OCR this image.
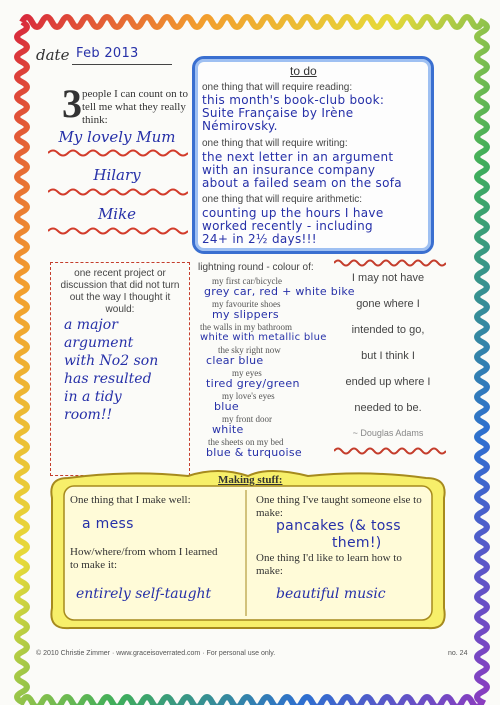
date Feb 2013
3 people I can count on to tell me what they really think:
My lovely Mum
Hilary
Mike
to do
one thing that will require reading:
this month's book-club book:
Suite Française by Irène
Némirovsky.
one thing that will require writing:
the next letter in an argument
with an insurance company
about a failed seam on the sofa
one thing that will require arithmetic:
counting up the hours I have
worked recently - including
24+ in 2½ days!!!
one recent project or discussion that did not turn out the way I thought it would:
a major
argument
with No2 son
has resulted
in a tidy
room!!
lightning round - colour of:
my first car/bicycle
grey car, red + white bike
my favourite shoes
my slippers
the walls in my bathroom
white with metallic blue
the sky right now
clear blue
my eyes
tired grey/green
my love's eyes
blue
my front door
white
the sheets on my bed
blue & turquoise
I may not have
gone where I
intended to go,
but I think I
ended up where I
needed to be.
~ Douglas Adams
Making stuff:
One thing that I make well:
a mess
How/where/from whom I learned to make it:
entirely self-taught
One thing I've taught someone else to make:
pancakes (& toss
them!)
One thing I'd like to learn how to make:
beautiful music
© 2010 Christie Zimmer · www.graceisoverrated.com · For personal use only.	no. 24
